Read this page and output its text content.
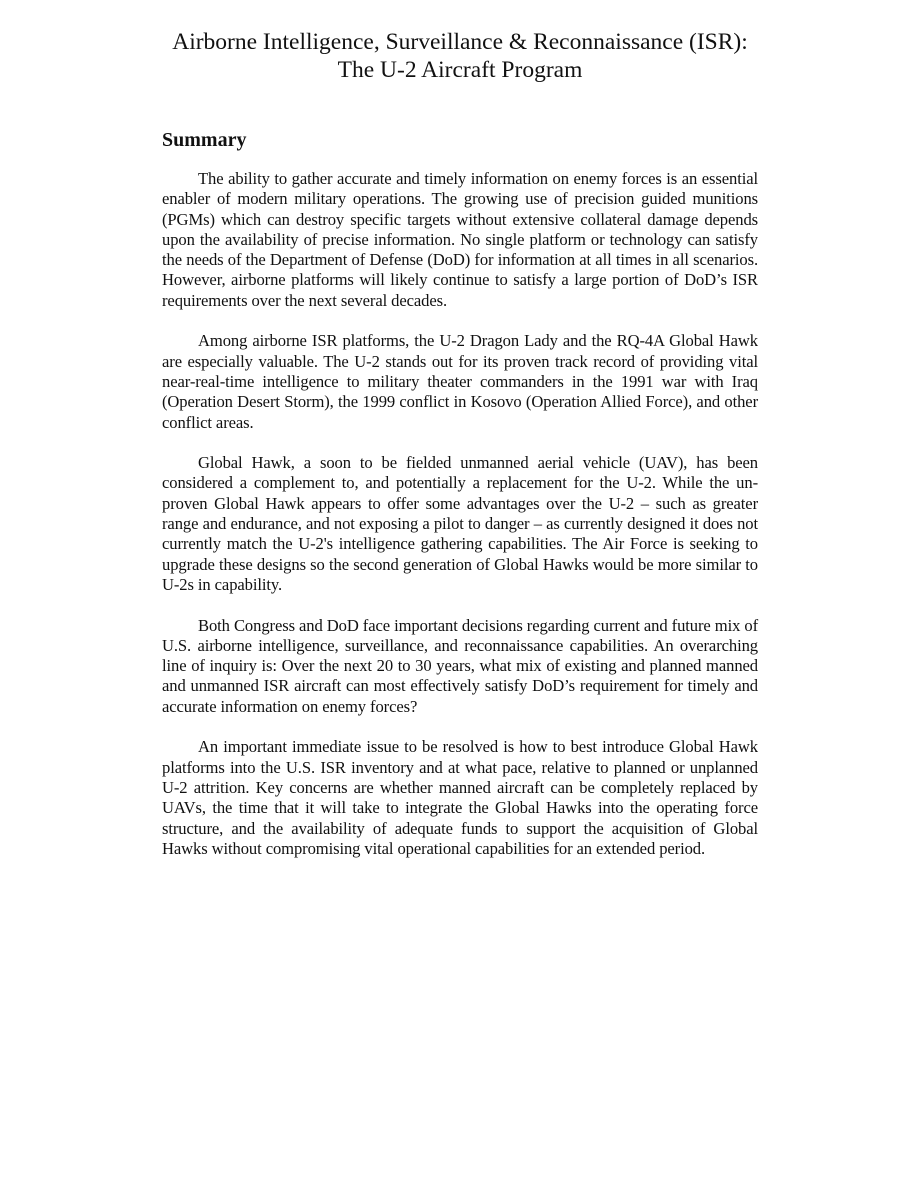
Airborne Intelligence, Surveillance & Reconnaissance (ISR):
The U-2 Aircraft Program
Summary

The ability to gather accurate and timely information on enemy forces is an essential enabler of modern military operations. The growing use of precision guided munitions (PGMs) which can destroy specific targets without extensive collateral damage depends upon the availability of precise information. No single platform or technology can satisfy the needs of the Department of Defense (DoD) for information at all times in all scenarios. However, airborne platforms will likely continue to satisfy a large portion of DoD’s ISR requirements over the next several decades.

Among airborne ISR platforms, the U-2 Dragon Lady and the RQ-4A Global Hawk are especially valuable. The U-2 stands out for its proven track record of providing vital near-real-time intelligence to military theater commanders in the 1991 war with Iraq (Operation Desert Storm), the 1999 conflict in Kosovo (Operation Allied Force), and other conflict areas.

Global Hawk, a soon to be fielded unmanned aerial vehicle (UAV), has been considered a complement to, and potentially a replacement for the U-2. While the un-proven Global Hawk appears to offer some advantages over the U-2 – such as greater range and endurance, and not exposing a pilot to danger – as currently designed it does not currently match the U-2's intelligence gathering capabilities. The Air Force is seeking to upgrade these designs so the second generation of Global Hawks would be more similar to U-2s in capability.

Both Congress and DoD face important decisions regarding current and future mix of U.S. airborne intelligence, surveillance, and reconnaissance capabilities. An overarching line of inquiry is: Over the next 20 to 30 years, what mix of existing and planned manned and unmanned ISR aircraft can most effectively satisfy DoD’s requirement for timely and accurate information on enemy forces?

An important immediate issue to be resolved is how to best introduce Global Hawk platforms into the U.S. ISR inventory and at what pace, relative to planned or unplanned U-2 attrition. Key concerns are whether manned aircraft can be completely replaced by UAVs, the time that it will take to integrate the Global Hawks into the operating force structure, and the availability of adequate funds to support the acquisition of Global Hawks without compromising vital operational capabilities for an extended period.
